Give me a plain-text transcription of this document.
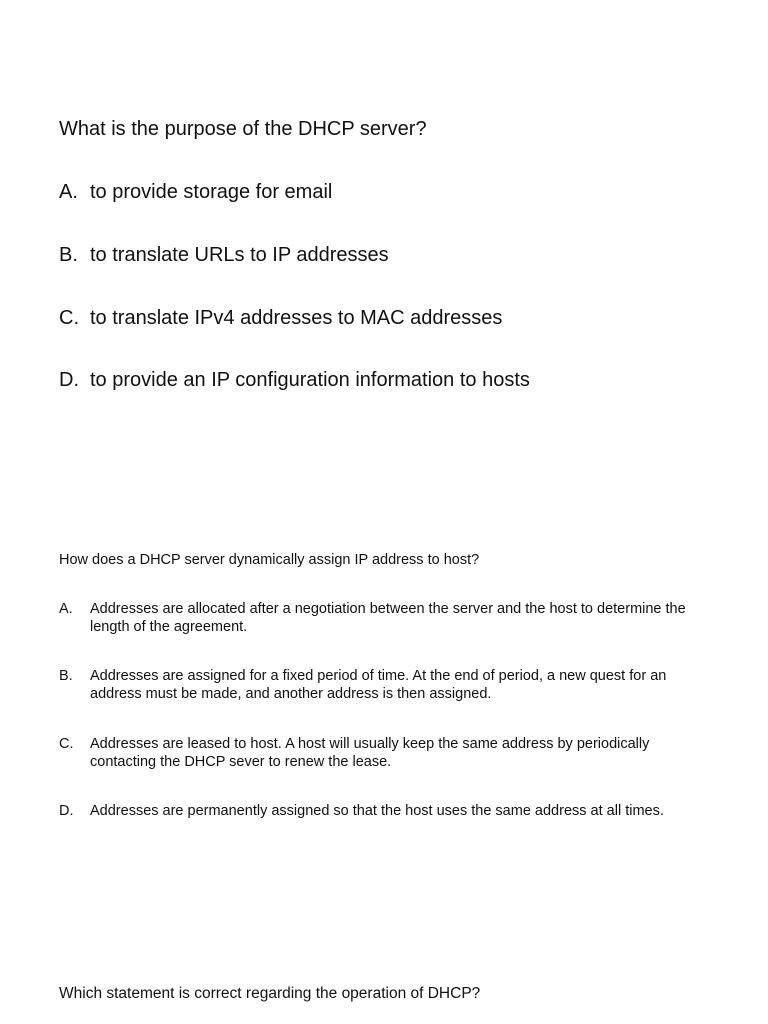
What is the purpose of the DHCP server?
A. to provide storage for email
B. to translate URLs to IP addresses
C. to translate IPv4 addresses to MAC addresses
D. to provide an IP configuration information to hosts
How does a DHCP server dynamically assign IP address to host?
A.	Addresses are allocated after a negotiation between the server and the host to determine the length of the agreement.
B.	Addresses are assigned for a fixed period of time. At the end of period, a new quest for an address must be made, and another address is then assigned.
C.	Addresses are leased to host. A host will usually keep the same address by periodically contacting the DHCP sever to renew the lease.
D.	Addresses are permanently assigned so that the host uses the same address at all times.
Which statement is correct regarding the operation of DHCP?
